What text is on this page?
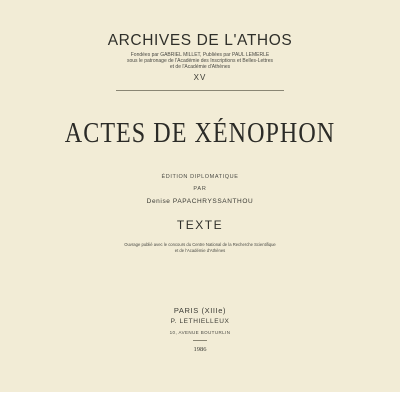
ARCHIVES DE L'ATHOS
Fondées par GABRIEL MILLET, Publiées par PAUL LEMERLE
sous le patronage de l'Académie des Inscriptions et Belles-Lettres
et de l'Académie d'Athènes
XV
ACTES DE XÉNOPHON
ÉDITION DIPLOMATIQUE
PAR
Denise PAPACHRYSSANTHOU
TEXTE
Ouvrage publié avec le concours du Centre National de la Recherche Scientifique
et de l'Académie d'Athènes
PARIS (XIIIe)
P. LETHIELLEUX
10, AVENUE BOUTURLIN
1986
